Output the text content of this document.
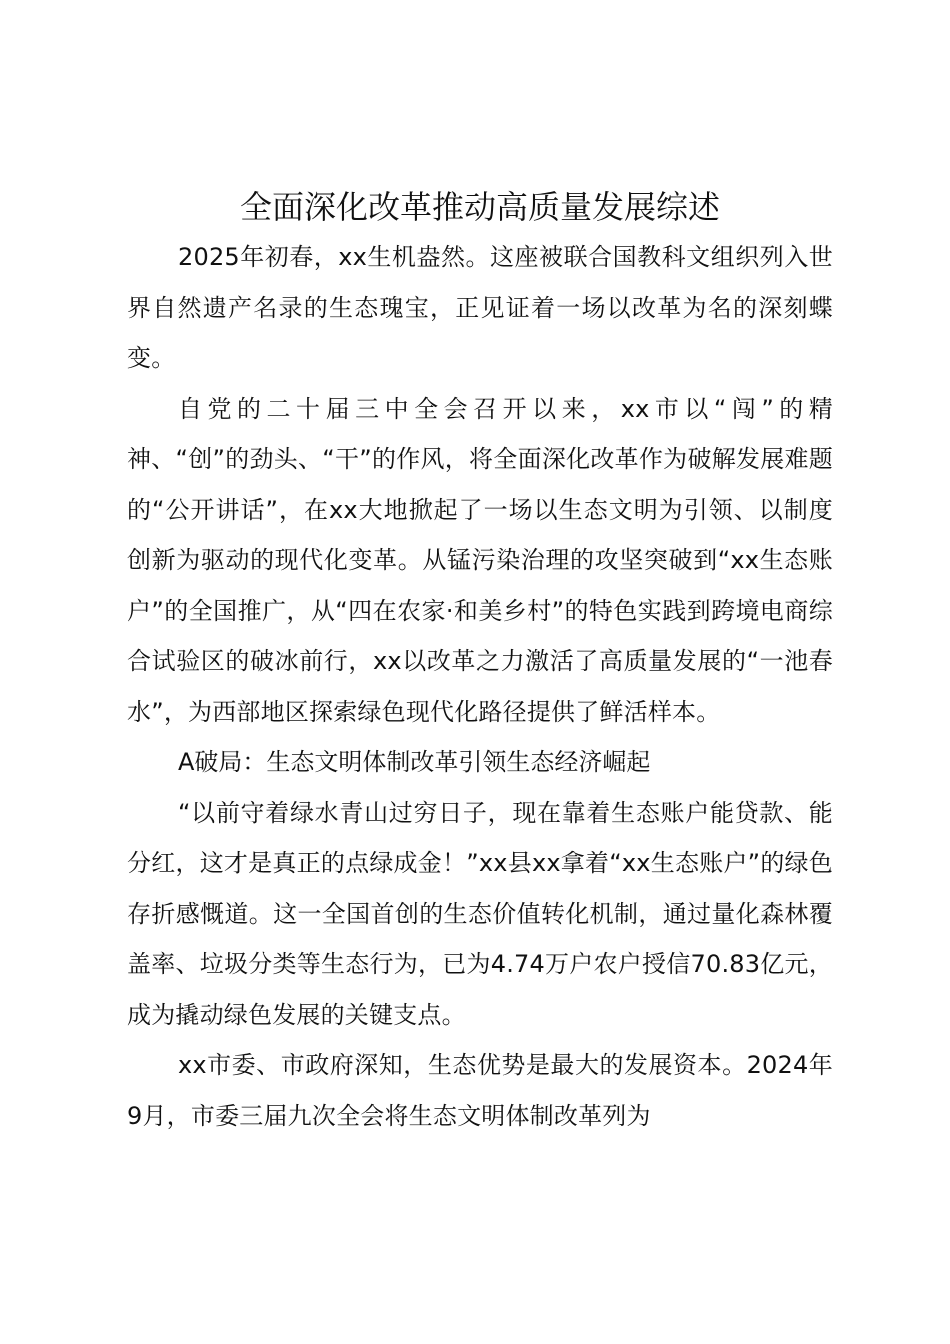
全面深化改革推动高质量发展综述

2025年初春，xx生机盎然。这座被联合国教科文组织列入世界自然遗产名录的生态瑰宝，正见证着一场以改革为名的深刻蝶变。

自党的二十届三中全会召开以来，xx市以“闯”的精神、“创”的劲头、“干”的作风，将全面深化改革作为破解发展难题的“公开讲话”，在xx大地掀起了一场以生态文明为引领、以制度创新为驱动的现代化变革。从锰污染治理的攻坚突破到“xx生态账户”的全国推广，从“四在农家·和美乡村”的特色实践到跨境电商综合试验区的破冰前行，xx以改革之力激活了高质量发展的“一池春水”，为西部地区探索绿色现代化路径提供了鲜活样本。

A破局：生态文明体制改革引领生态经济崛起

“以前守着绿水青山过穷日子，现在靠着生态账户能贷款、能分红，这才是真正的点绿成金！”xx县xx拿着“xx生态账户”的绿色存折感慨道。这一全国首创的生态价值转化机制，通过量化森林覆盖率、垃圾分类等生态行为，已为4.74万户农户授信70.83亿元，成为撬动绿色发展的关键支点。

xx市委、市政府深知，生态优势是最大的发展资本。2024年9月，市委三届九次全会将生态文明体制改革列为
